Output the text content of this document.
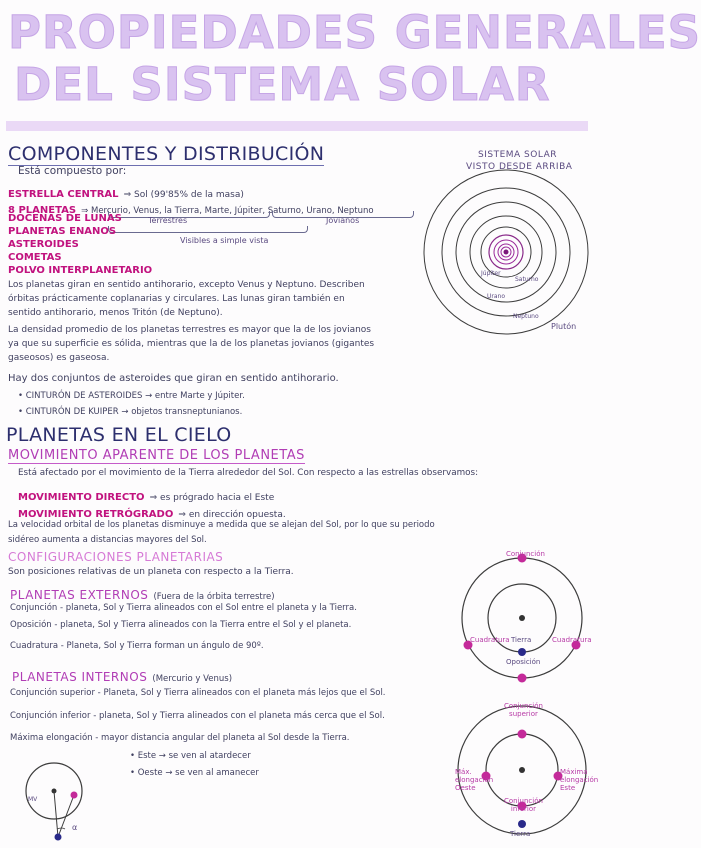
PROPIEDADES GENERALES
DEL SISTEMA SOLAR
COMPONENTES Y DISTRIBUCIÓN
Está compuesto por:
ESTRELLA CENTRAL ⇒ Sol (99'85% de la masa)
8 PLANETAS ⇒ Mercurio, Venus, la Tierra, Marte, Júpiter, Saturno, Urano, Neptuno
Terrestres	Jovianos
Visibles a simple vista
DOCENAS DE LUNAS
PLANETAS ENANOS
ASTEROIDES
COMETAS
POLVO INTERPLANETARIO
Los planetas giran en sentido antihorario, excepto Venus y Neptuno. Describen
órbitas prácticamente coplanarias y circulares. Las lunas giran también en
sentido antihorario, menos Tritón (de Neptuno).
La densidad promedio de los planetas terrestres es mayor que la de los jovianos
ya que su superficie es sólida, mientras que la de los planetas jovianos (gigantes
gaseosos) es gaseosa.
Hay dos conjuntos de asteroides que giran en sentido antihorario.
• CINTURÓN DE ASTEROIDES → entre Marte y Júpiter.
• CINTURÓN DE KUIPER → objetos transneptunianos.
SISTEMA SOLAR
VISTO DESDE ARRIBA
Júpiter
Saturno
Urano
Neptuno
Plutón
PLANETAS EN EL CIELO
MOVIMIENTO APARENTE DE LOS PLANETAS
Está afectado por el movimiento de la Tierra alrededor del Sol. Con respecto a las estrellas observamos:
MOVIMIENTO DIRECTO ⇒ es prógrado hacia el Este
MOVIMIENTO RETRÓGRADO ⇒ en dirección opuesta.
La velocidad orbital de los planetas disminuye a medida que se alejan del Sol, por lo que su periodo
sidéreo aumenta a distancias mayores del Sol.
CONFIGURACIONES PLANETARIAS
Son posiciones relativas de un planeta con respecto a la Tierra.
PLANETAS EXTERNOS (Fuera de la órbita terrestre)
Conjunción - planeta, Sol y Tierra alineados con el Sol entre el planeta y la Tierra.
Oposición - planeta, Sol y Tierra alineados con la Tierra entre el Sol y el planeta.
Cuadratura - Planeta, Sol y Tierra forman un ángulo de 90º.
PLANETAS INTERNOS (Mercurio y Venus)
Conjunción superior - Planeta, Sol y Tierra alineados con el planeta más lejos que el Sol.
Conjunción inferior - planeta, Sol y Tierra alineados con el planeta más cerca que el Sol.
Máxima elongación - mayor distancia angular del planeta al Sol desde la Tierra.
• Este → se ven al atardecer
• Oeste → se ven al amanecer
Conjunción
Cuadratura	Cuadratura
Tierra
Oposición
Conjunción
superior
Máx.
elongación
Oeste
Máxima
elongación
Este
Conjunción
inferior
Tierra
MV
α
